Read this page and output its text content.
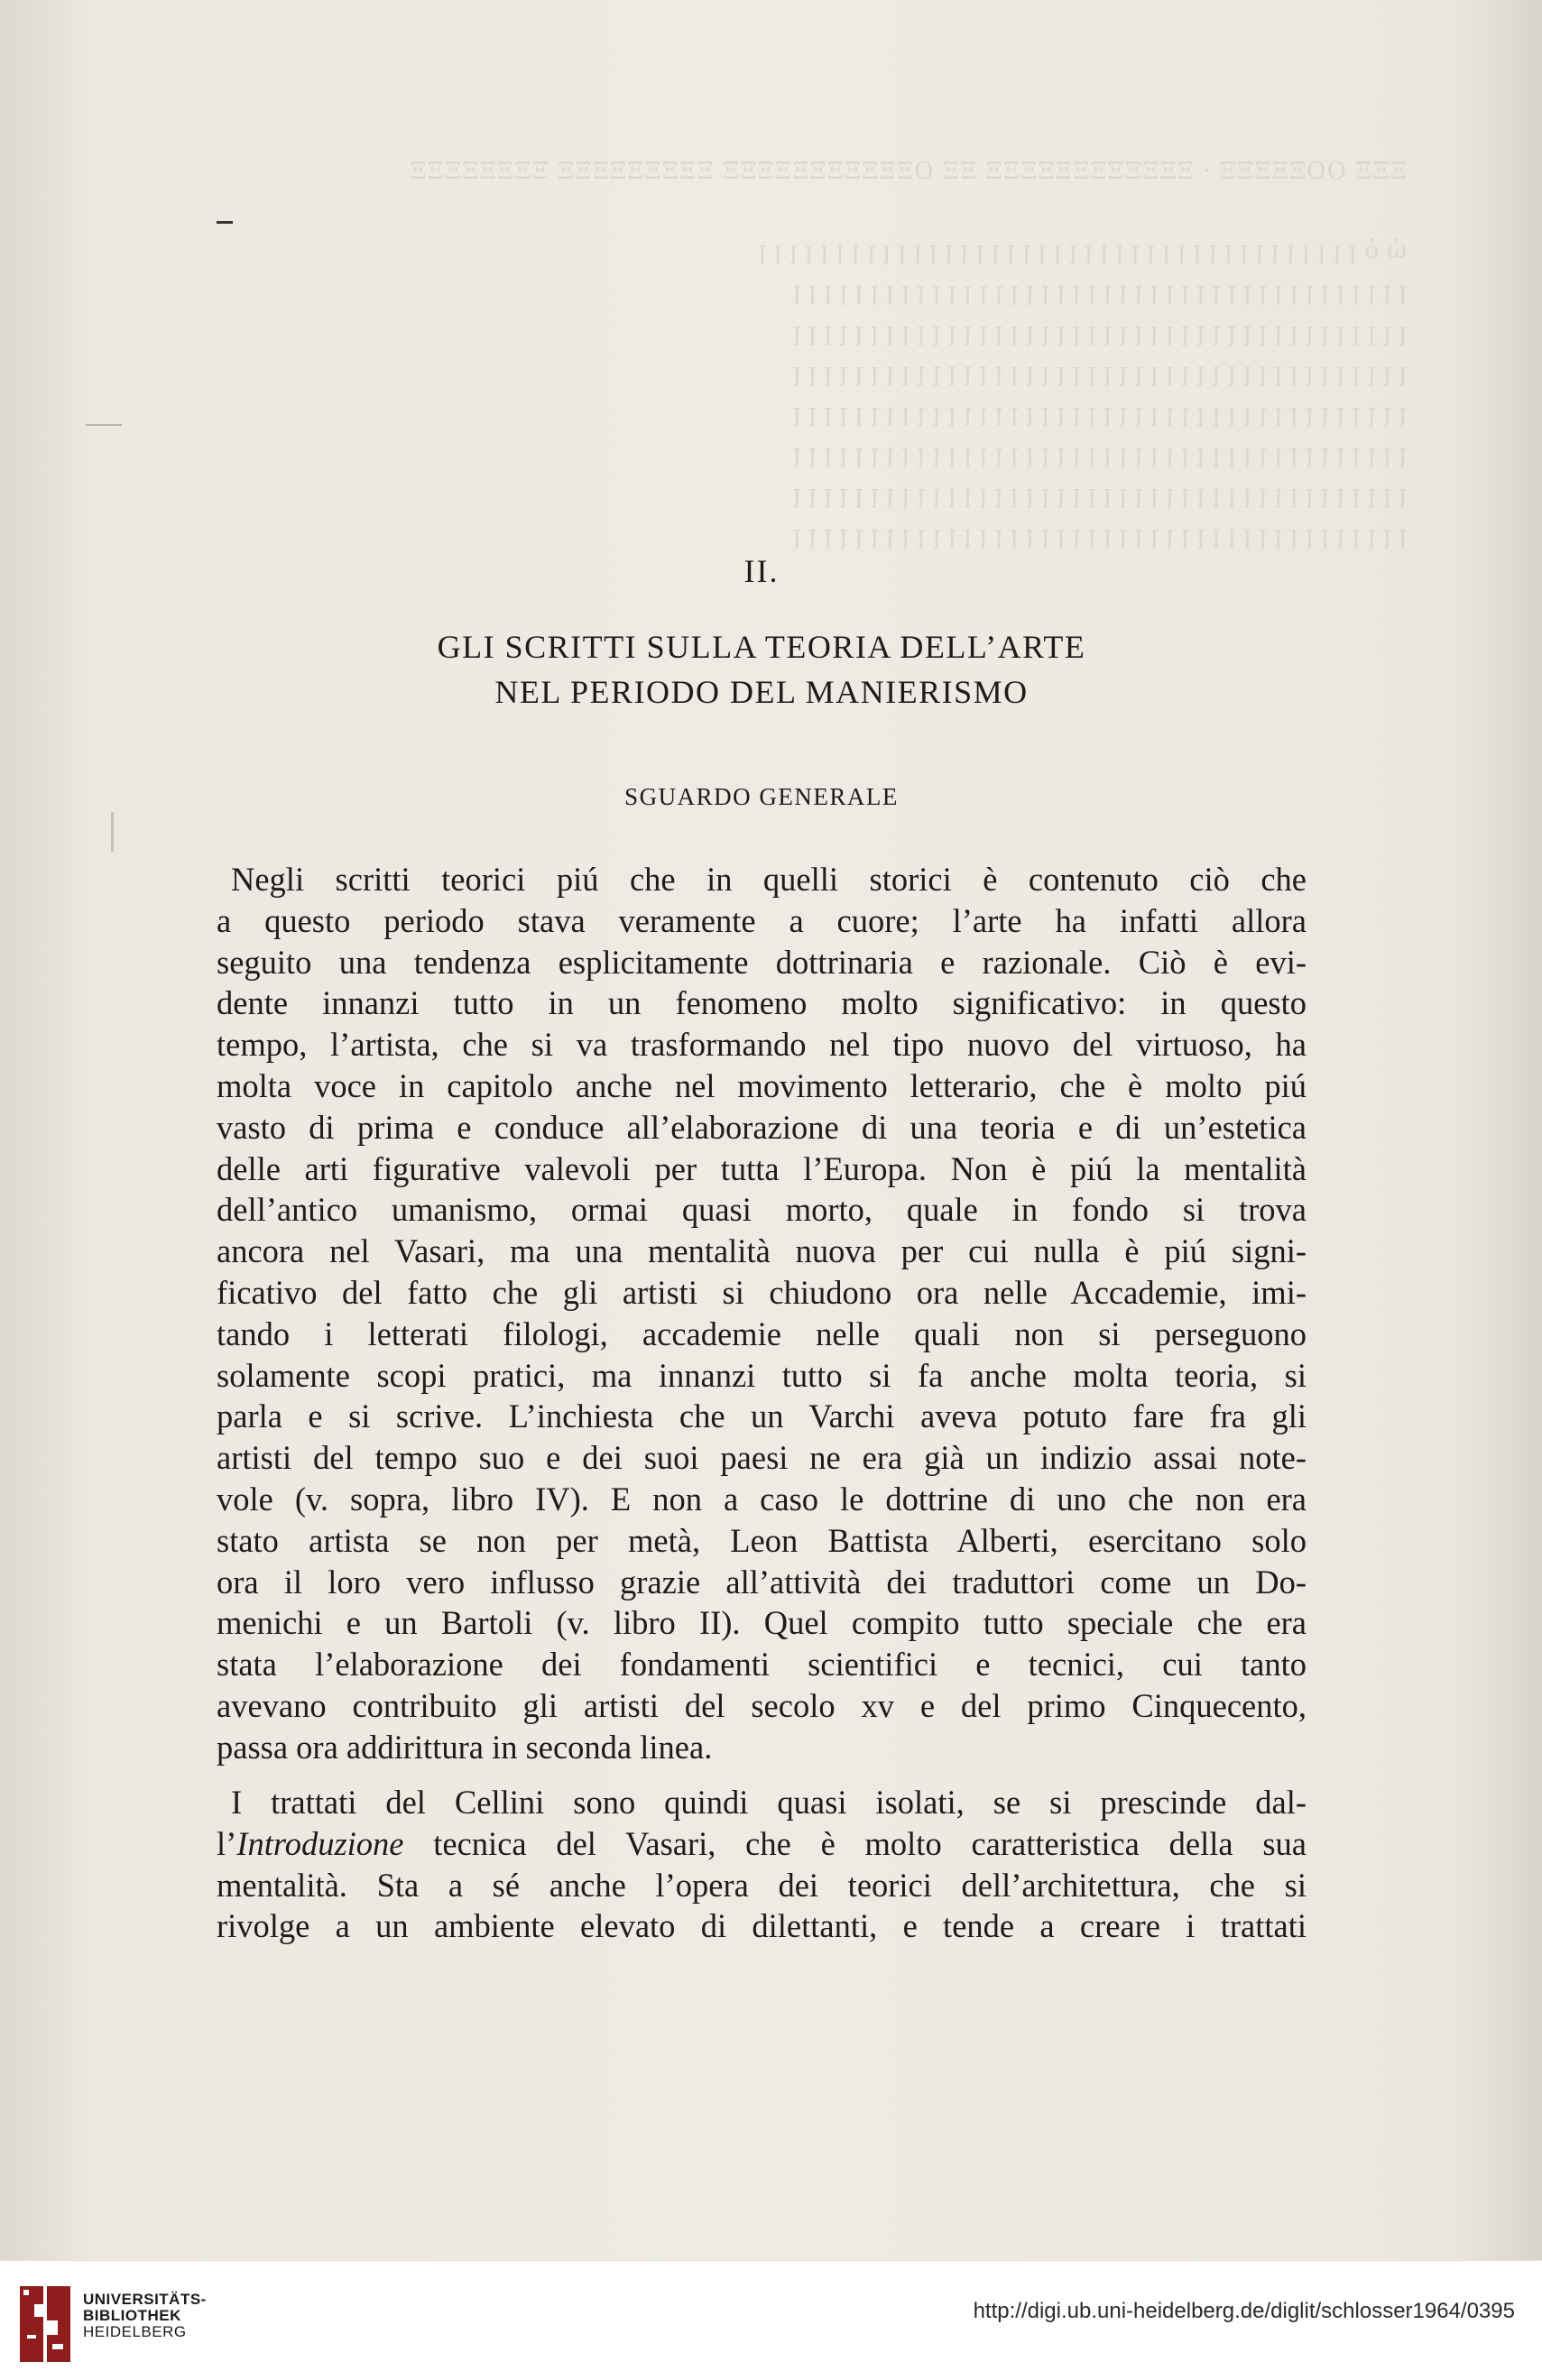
ΞΞΞ ΟΟΞΞΞΞΞ · ΞΞΞΞΞΞΞΞΞΞΞΞ ΞΞ ΟΞΞΞΞΞΞΞΞΞΞΞ ΞΞΞΞΞΞΞΞΞ ΞΞΞΞΞΞΞΞ
ὠ ὁ ꞁ ꞁ ꞁ ꞁ ꞁ ꞁ ꞁ ꞁ ꞁ ꞁ ꞁ ꞁ ꞁ ꞁ ꞁ ꞁ ꞁ ꞁ ꞁ ꞁ ꞁ ꞁ ꞁ ꞁ ꞁ ꞁ ꞁ ꞁ ꞁ ꞁ ꞁ ꞁ ꞁ ꞁ ꞁ ꞁ ꞁ ꞁ ꞁ
ꞁ ꞁ ꞁ ꞁ ꞁ ꞁ ꞁ ꞁ ꞁ ꞁ ꞁ ꞁ ꞁ ꞁ ꞁ ꞁ ꞁ ꞁ ꞁ ꞁ ꞁ ꞁ ꞁ ꞁ ꞁ ꞁ ꞁ ꞁ ꞁ ꞁ ꞁ ꞁ ꞁ ꞁ ꞁ ꞁ ꞁ ꞁ ꞁ ꞁ
ꞁ ꞁ ꞁ ꞁ ꞁ ꞁ ꞁ ꞁ ꞁ ꞁ ꞁ ꞁ ꞁ ꞁ ꞁ ꞁ ꞁ ꞁ ꞁ ꞁ ꞁ ꞁ ꞁ ꞁ ꞁ ꞁ ꞁ ꞁ ꞁ ꞁ ꞁ ꞁ ꞁ ꞁ ꞁ ꞁ ꞁ ꞁ ꞁ ꞁ
ꞁ ꞁ ꞁ ꞁ ꞁ ꞁ ꞁ ꞁ ꞁ ꞁ ꞁ ꞁ ꞁ ꞁ ꞁ ꞁ ꞁ ꞁ ꞁ ꞁ ꞁ ꞁ ꞁ ꞁ ꞁ ꞁ ꞁ ꞁ ꞁ ꞁ ꞁ ꞁ ꞁ ꞁ ꞁ ꞁ ꞁ ꞁ ꞁ ꞁ
ꞁ ꞁ ꞁ ꞁ ꞁ ꞁ ꞁ ꞁ ꞁ ꞁ ꞁ ꞁ ꞁ ꞁ ꞁ ꞁ ꞁ ꞁ ꞁ ꞁ ꞁ ꞁ ꞁ ꞁ ꞁ ꞁ ꞁ ꞁ ꞁ ꞁ ꞁ ꞁ ꞁ ꞁ ꞁ ꞁ ꞁ ꞁ ꞁ ꞁ
ꞁ ꞁ ꞁ ꞁ ꞁ ꞁ ꞁ ꞁ ꞁ ꞁ ꞁ ꞁ ꞁ ꞁ ꞁ ꞁ ꞁ ꞁ ꞁ ꞁ ꞁ ꞁ ꞁ ꞁ ꞁ ꞁ ꞁ ꞁ ꞁ ꞁ ꞁ ꞁ ꞁ ꞁ ꞁ ꞁ ꞁ ꞁ ꞁ ꞁ
ꞁ ꞁ ꞁ ꞁ ꞁ ꞁ ꞁ ꞁ ꞁ ꞁ ꞁ ꞁ ꞁ ꞁ ꞁ ꞁ ꞁ ꞁ ꞁ ꞁ ꞁ ꞁ ꞁ ꞁ ꞁ ꞁ ꞁ ꞁ ꞁ ꞁ ꞁ ꞁ ꞁ ꞁ ꞁ ꞁ ꞁ ꞁ ꞁ ꞁ
ꞁ ꞁ ꞁ ꞁ ꞁ ꞁ ꞁ ꞁ ꞁ ꞁ ꞁ ꞁ ꞁ ꞁ ꞁ ꞁ ꞁ ꞁ ꞁ ꞁ ꞁ ꞁ ꞁ ꞁ ꞁ ꞁ ꞁ ꞁ ꞁ ꞁ ꞁ ꞁ ꞁ ꞁ ꞁ ꞁ ꞁ ꞁ ꞁ ꞁ
II.
GLI SCRITTI SULLA TEORIA DELL’ARTE
NEL PERIODO DEL MANIERISMO
SGUARDO GENERALE
Negli scritti teorici piú che in quelli storici è contenuto ciò che
a questo periodo stava veramente a cuore; l’arte ha infatti allora
seguito una tendenza esplicitamente dottrinaria e razionale. Ciò è evi-
dente innanzi tutto in un fenomeno molto significativo: in questo
tempo, l’artista, che si va trasformando nel tipo nuovo del virtuoso, ha
molta voce in capitolo anche nel movimento letterario, che è molto piú
vasto di prima e conduce all’elaborazione di una teoria e di un’estetica
delle arti figurative valevoli per tutta l’Europa. Non è piú la mentalità
dell’antico umanismo, ormai quasi morto, quale in fondo si trova
ancora nel Vasari, ma una mentalità nuova per cui nulla è piú signi-
ficativo del fatto che gli artisti si chiudono ora nelle Accademie, imi-
tando i letterati filologi, accademie nelle quali non si perseguono
solamente scopi pratici, ma innanzi tutto si fa anche molta teoria, si
parla e si scrive. L’inchiesta che un Varchi aveva potuto fare fra gli
artisti del tempo suo e dei suoi paesi ne era già un indizio assai note-
vole (v. sopra, libro IV). E non a caso le dottrine di uno che non era
stato artista se non per metà, Leon Battista Alberti, esercitano solo
ora il loro vero influsso grazie all’attività dei traduttori come un Do-
menichi e un Bartoli (v. libro II). Quel compito tutto speciale che era
stata l’elaborazione dei fondamenti scientifici e tecnici, cui tanto
avevano contribuito gli artisti del secolo xv e del primo Cinquecento,
passa ora addirittura in seconda linea.
I trattati del Cellini sono quindi quasi isolati, se si prescinde dal-
l’Introduzione tecnica del Vasari, che è molto caratteristica della sua
mentalità. Sta a sé anche l’opera dei teorici dell’architettura, che si
rivolge a un ambiente elevato di dilettanti, e tende a creare i trattati
UNIVERSITÄTS-
BIBLIOTHEK
HEIDELBERG
http://digi.ub.uni-heidelberg.de/diglit/schlosser1964/0395
